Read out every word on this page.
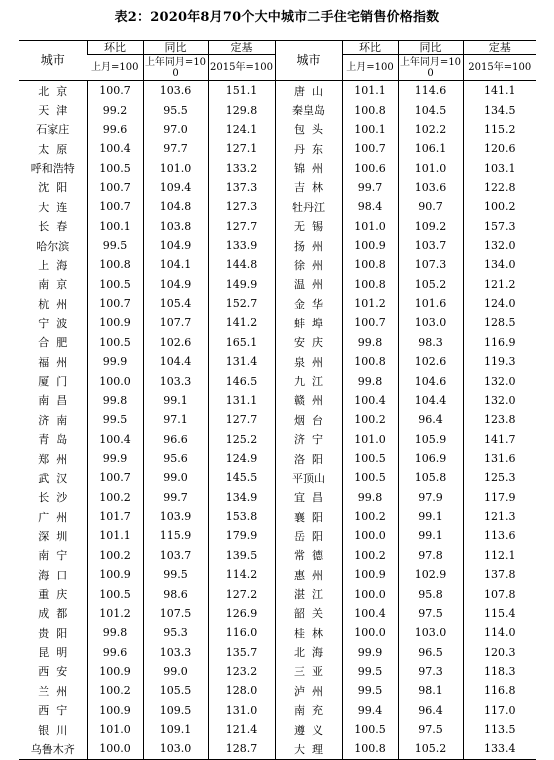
表2：2020年8月70个大中城市二手住宅销售价格指数
城市	环比	同比	定基	城市	环比	同比	定基
	上月=100	上年同月=100	2015年=100		上月=100	上年同月=100	2015年=100
北  京	100.7	103.6	151.1	唐  山	101.1	114.6	141.1
天  津	99.2	95.5	129.8	秦皇岛	100.8	104.5	134.5
石家庄	99.6	97.0	124.1	包  头	100.1	102.2	115.2
太  原	100.4	97.7	127.1	丹  东	100.7	106.1	120.6
呼和浩特	100.5	101.0	133.2	锦  州	100.6	101.0	103.1
沈  阳	100.7	109.4	137.3	吉  林	99.7	103.6	122.8
大  连	100.7	104.8	127.3	牡丹江	98.4	90.7	100.2
长  春	100.1	103.8	127.7	无  锡	101.0	109.2	157.3
哈尔滨	99.5	104.9	133.9	扬  州	100.9	103.7	132.0
上  海	100.8	104.1	144.8	徐  州	100.8	107.3	134.0
南  京	100.5	104.9	149.9	温  州	100.8	105.2	121.2
杭  州	100.7	105.4	152.7	金  华	101.2	101.6	124.0
宁  波	100.9	107.7	141.2	蚌  埠	100.7	103.0	128.5
合  肥	100.5	102.6	165.1	安  庆	99.8	98.3	116.9
福  州	99.9	104.4	131.4	泉  州	100.8	102.6	119.3
厦  门	100.0	103.3	146.5	九  江	99.8	104.6	132.0
南  昌	99.8	99.1	131.1	赣  州	100.4	104.4	132.0
济  南	99.5	97.1	127.7	烟  台	100.2	96.4	123.8
青  岛	100.4	96.6	125.2	济  宁	101.0	105.9	141.7
郑  州	99.9	95.6	124.9	洛  阳	100.5	106.9	131.6
武  汉	100.7	99.0	145.5	平顶山	100.5	105.8	125.3
长  沙	100.2	99.7	134.9	宜  昌	99.8	97.9	117.9
广  州	101.7	103.9	153.8	襄  阳	100.2	99.1	121.3
深  圳	101.1	115.9	179.9	岳  阳	100.0	99.1	113.6
南  宁	100.2	103.7	139.5	常  德	100.2	97.8	112.1
海  口	100.9	99.5	114.2	惠  州	100.9	102.9	137.8
重  庆	100.5	98.6	127.2	湛  江	100.0	95.8	107.8
成  都	101.2	107.5	126.9	韶  关	100.4	97.5	115.4
贵  阳	99.8	95.3	116.0	桂  林	100.0	103.0	114.0
昆  明	99.6	103.3	135.7	北  海	99.9	96.5	120.3
西  安	100.9	99.0	123.2	三  亚	99.5	97.3	118.3
兰  州	100.2	105.5	128.0	泸  州	99.5	98.1	116.8
西  宁	100.9	109.5	131.0	南  充	99.4	96.4	117.0
银  川	101.0	109.1	121.4	遵  义	100.5	97.5	113.5
乌鲁木齐	100.0	103.0	128.7	大  理	100.8	105.2	133.4
